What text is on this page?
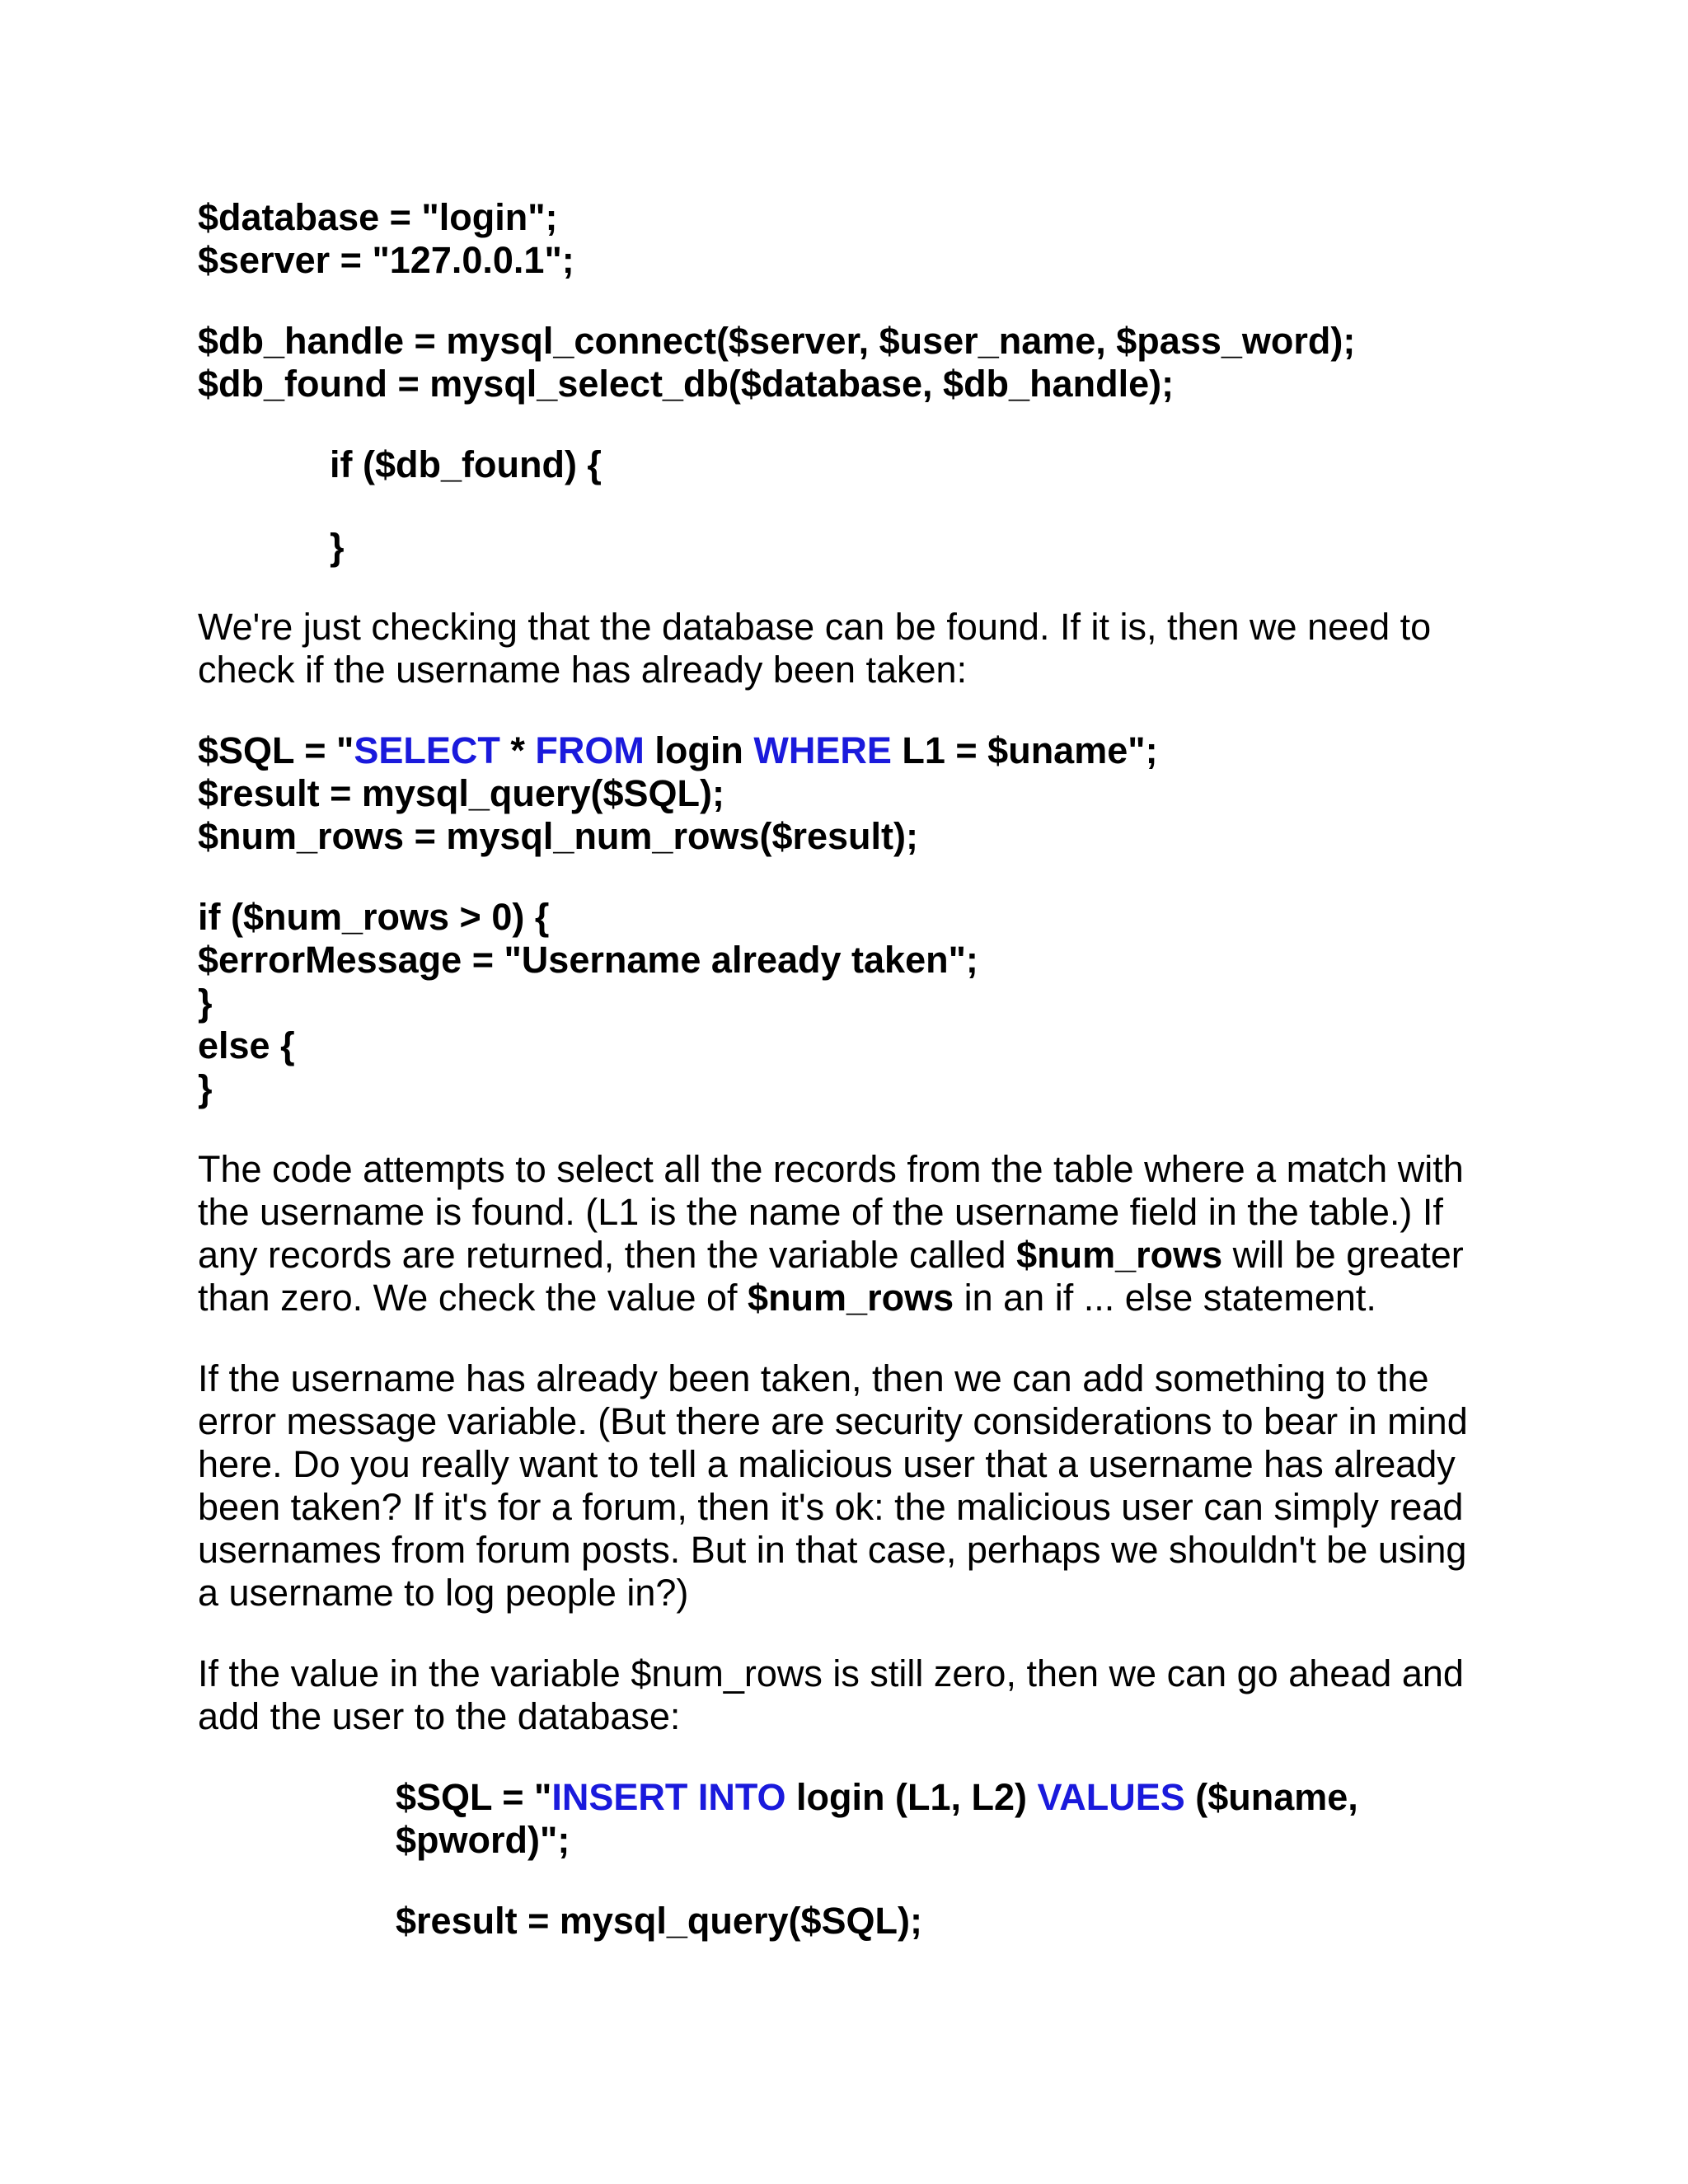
$database = "login";

$server = "127.0.0.1";

$db_handle = mysql_connect($server, $user_name, $pass_word);

$db_found = mysql_select_db($database, $db_handle);

if ($db_found) {

}

We're just checking that the database can be found. If it is, then we need to

check if the username has already been taken:

$SQL = "SELECT * FROM login WHERE L1 = $uname";

$result = mysql_query($SQL);

$num_rows = mysql_num_rows($result);

if ($num_rows > 0) {

$errorMessage = "Username already taken";

}

else {

}

The code attempts to select all the records from the table where a match with

the username is found. (L1 is the name of the username field in the table.) If

any records are returned, then the variable called $num_rows will be greater

than zero. We check the value of $num_rows in an if ... else statement.

If the username has already been taken, then we can add something to the

error message variable. (But there are security considerations to bear in mind

here. Do you really want to tell a malicious user that a username has already

been taken? If it's for a forum, then it's ok: the malicious user can simply read

usernames from forum posts. But in that case, perhaps we shouldn't be using

a username to log people in?)

If the value in the variable $num_rows is still zero, then we can go ahead and

add the user to the database:

$SQL = "INSERT INTO login (L1, L2) VALUES ($uname,

$pword)";

$result = mysql_query($SQL);
